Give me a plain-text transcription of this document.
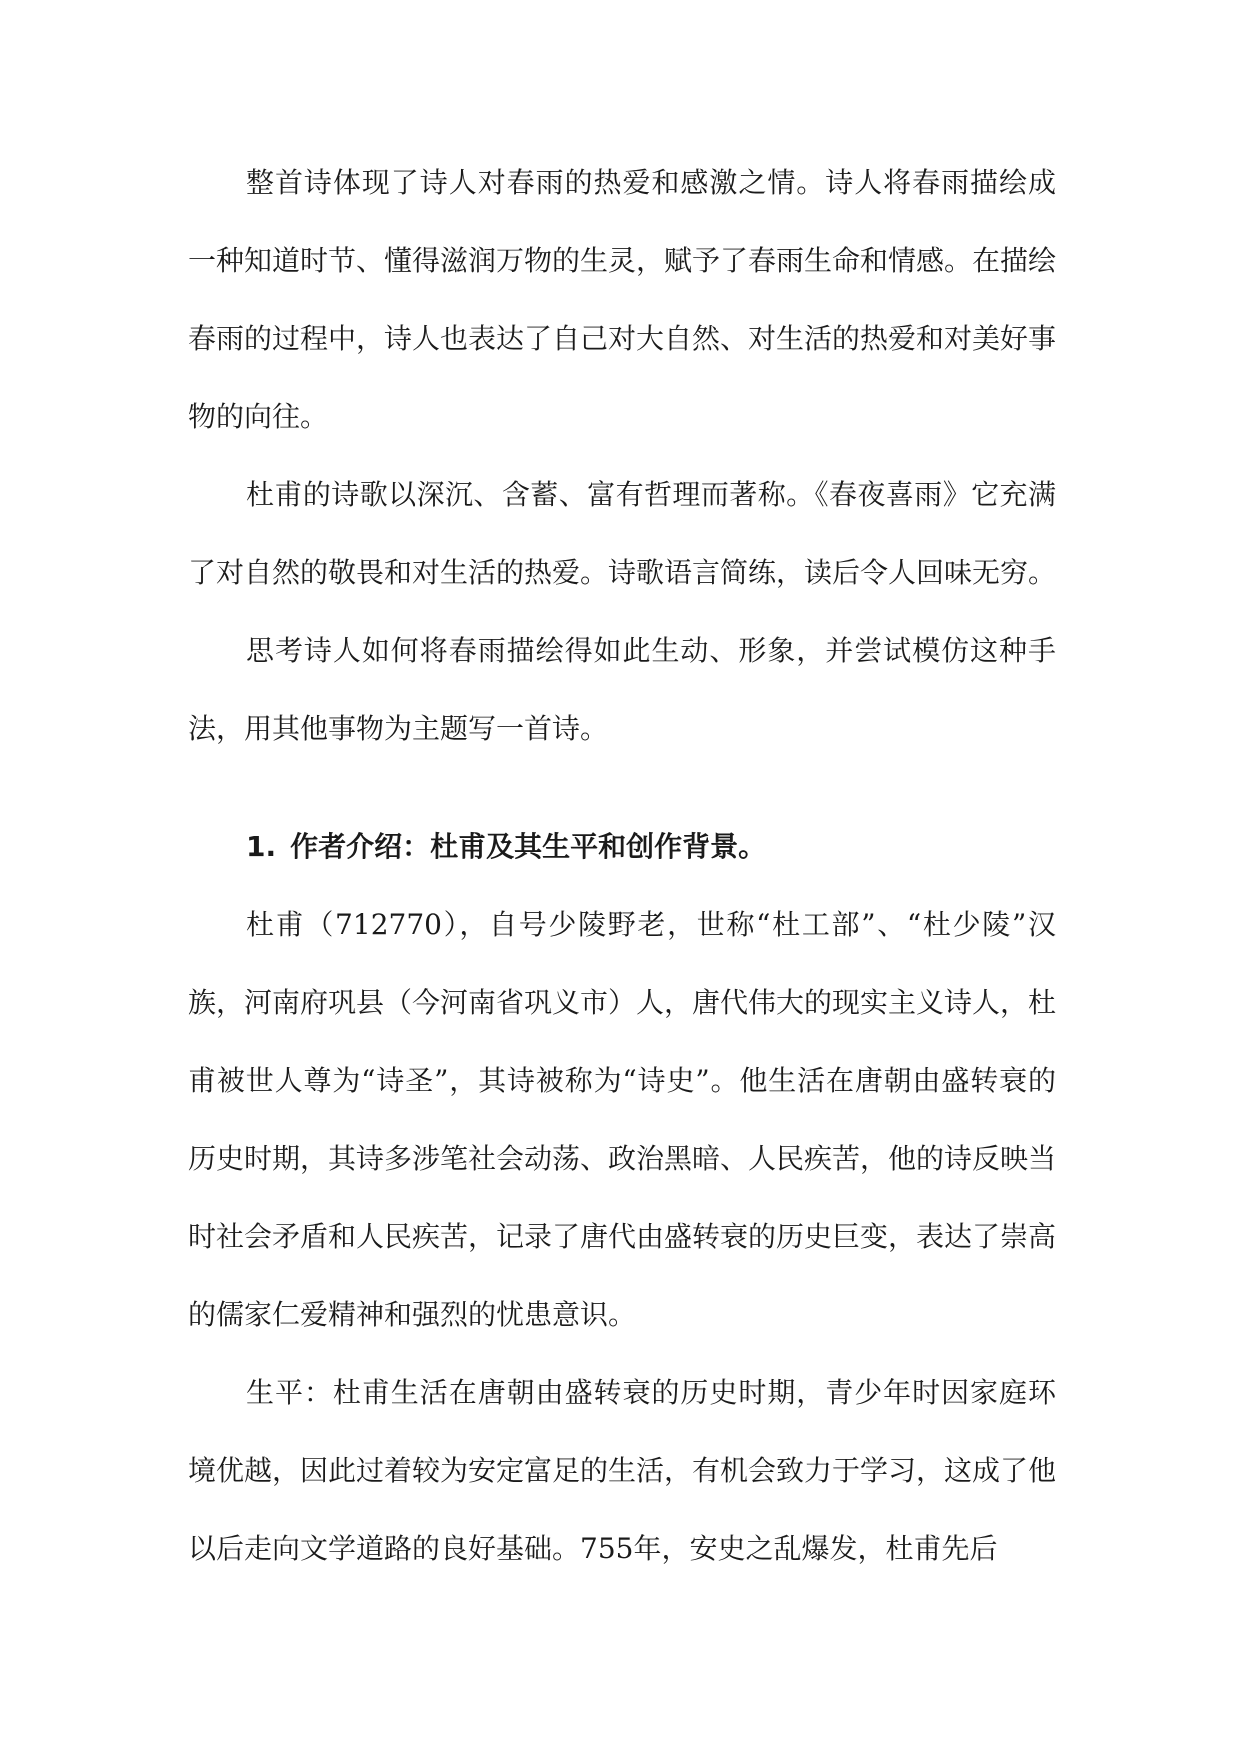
整首诗体现了诗人对春雨的热爱和感激之情。诗人将春雨描绘成一种知道时节、懂得滋润万物的生灵，赋予了春雨生命和情感。在描绘春雨的过程中，诗人也表达了自己对大自然、对生活的热爱和对美好事物的向往。

杜甫的诗歌以深沉、含蓄、富有哲理而著称。《春夜喜雨》它充满了对自然的敬畏和对生活的热爱。诗歌语言简练，读后令人回味无穷。

思考诗人如何将春雨描绘得如此生动、形象，并尝试模仿这种手法，用其他事物为主题写一首诗。

1. 作者介绍：杜甫及其生平和创作背景。

杜甫（712770），自号少陵野老，世称“杜工部”、“杜少陵”汉族，河南府巩县（今河南省巩义市）人，唐代伟大的现实主义诗人，杜甫被世人尊为“诗圣”，其诗被称为“诗史”。他生活在唐朝由盛转衰的历史时期，其诗多涉笔社会动荡、政治黑暗、人民疾苦，他的诗反映当时社会矛盾和人民疾苦，记录了唐代由盛转衰的历史巨变，表达了崇高的儒家仁爱精神和强烈的忧患意识。

生平：杜甫生活在唐朝由盛转衰的历史时期，青少年时因家庭环境优越，因此过着较为安定富足的生活，有机会致力于学习，这成了他以后走向文学道路的良好基础。755年，安史之乱爆发，杜甫先后
